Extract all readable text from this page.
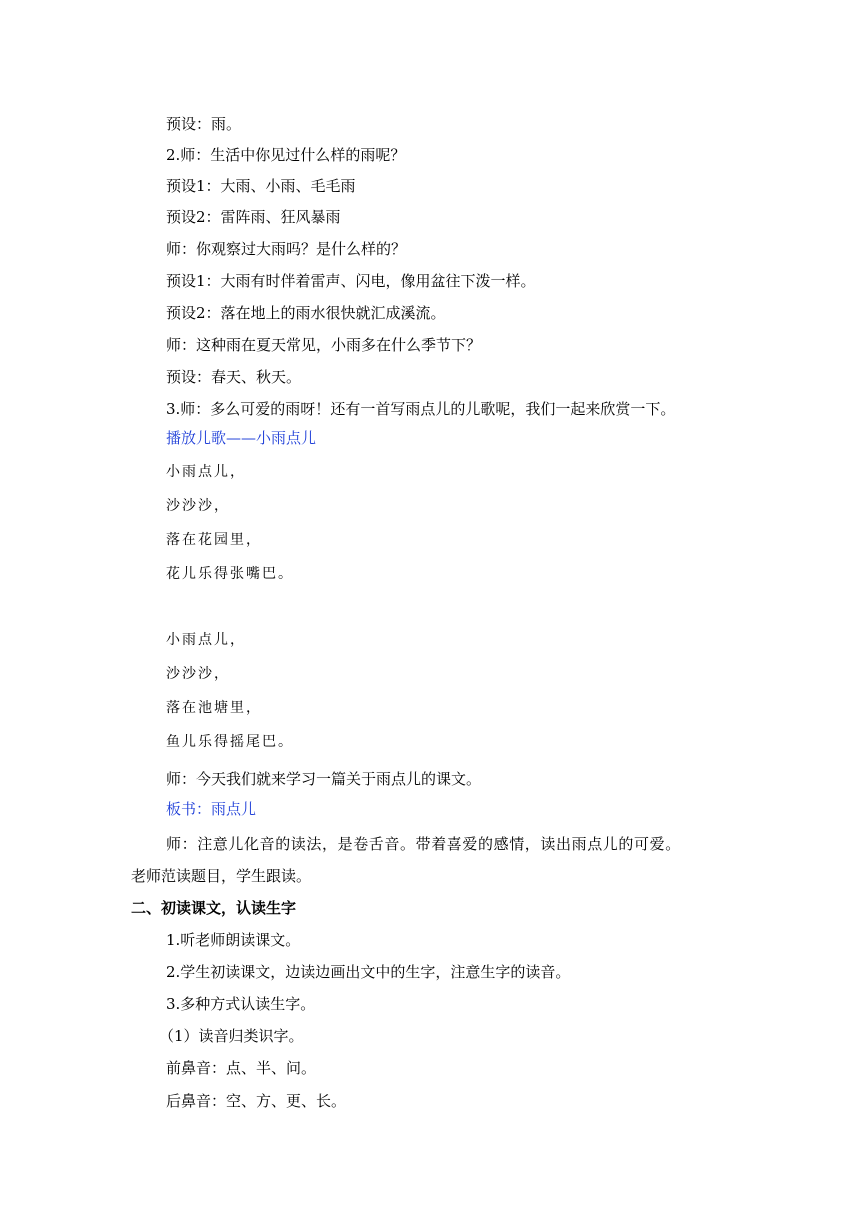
预设：雨。
2.师：生活中你见过什么样的雨呢？
预设1：大雨、小雨、毛毛雨
预设2：雷阵雨、狂风暴雨
师：你观察过大雨吗？是什么样的？
预设1：大雨有时伴着雷声、闪电，像用盆往下泼一样。
预设2：落在地上的雨水很快就汇成溪流。
师：这种雨在夏天常见，小雨多在什么季节下？
预设：春天、秋天。
3.师：多么可爱的雨呀！还有一首写雨点儿的儿歌呢，我们一起来欣赏一下。
播放儿歌——小雨点儿
小雨点儿，
沙沙沙，
落在花园里，
花儿乐得张嘴巴。
小雨点儿，
沙沙沙，
落在池塘里，
鱼儿乐得摇尾巴。
师：今天我们就来学习一篇关于雨点儿的课文。
板书：雨点儿
师：注意儿化音的读法，是卷舌音。带着喜爱的感情，读出雨点儿的可爱。
老师范读题目，学生跟读。
二、初读课文，认读生字
1.听老师朗读课文。
2.学生初读课文，边读边画出文中的生字，注意生字的读音。
3.多种方式认读生字。
（1）读音归类识字。
前鼻音：点、半、问。
后鼻音：空、方、更、长。
